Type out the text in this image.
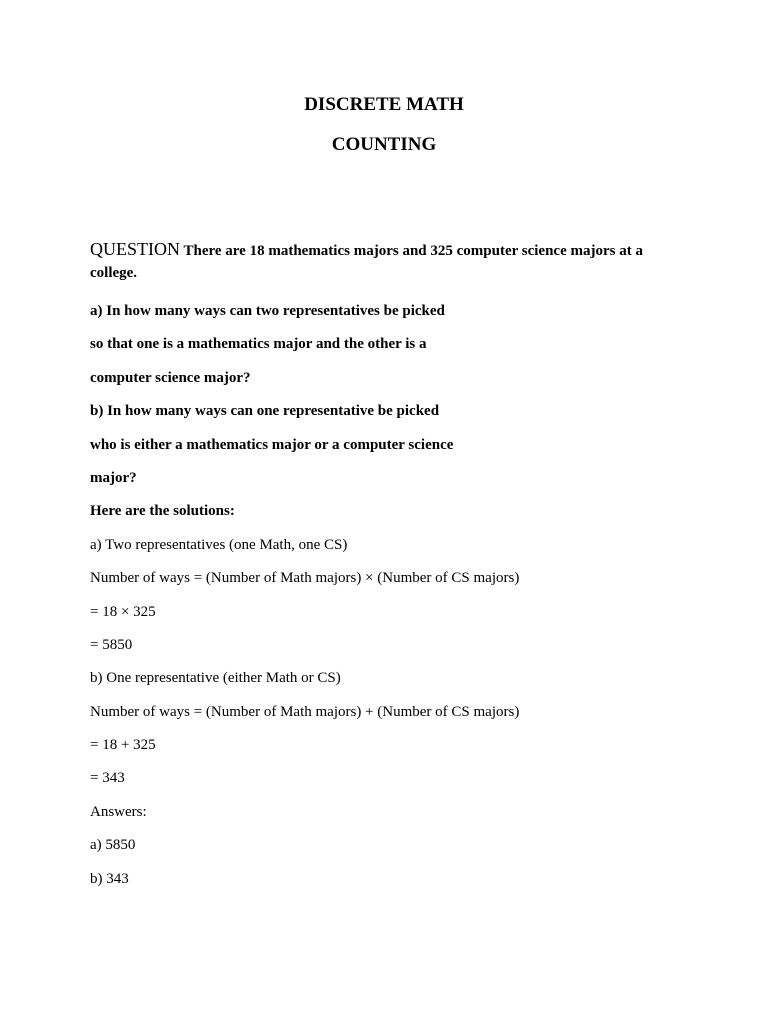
DISCRETE MATH
COUNTING

QUESTION There are 18 mathematics majors and 325 computer science majors at a college.

a) In how many ways can two representatives be picked

so that one is a mathematics major and the other is a

computer science major?

b) In how many ways can one representative be picked

who is either a mathematics major or a computer science

major?

Here are the solutions:

a) Two representatives (one Math, one CS)

Number of ways = (Number of Math majors) × (Number of CS majors)

= 18 × 325

= 5850

b) One representative (either Math or CS)

Number of ways = (Number of Math majors) + (Number of CS majors)

= 18 + 325

= 343

Answers:

a) 5850

b) 343
